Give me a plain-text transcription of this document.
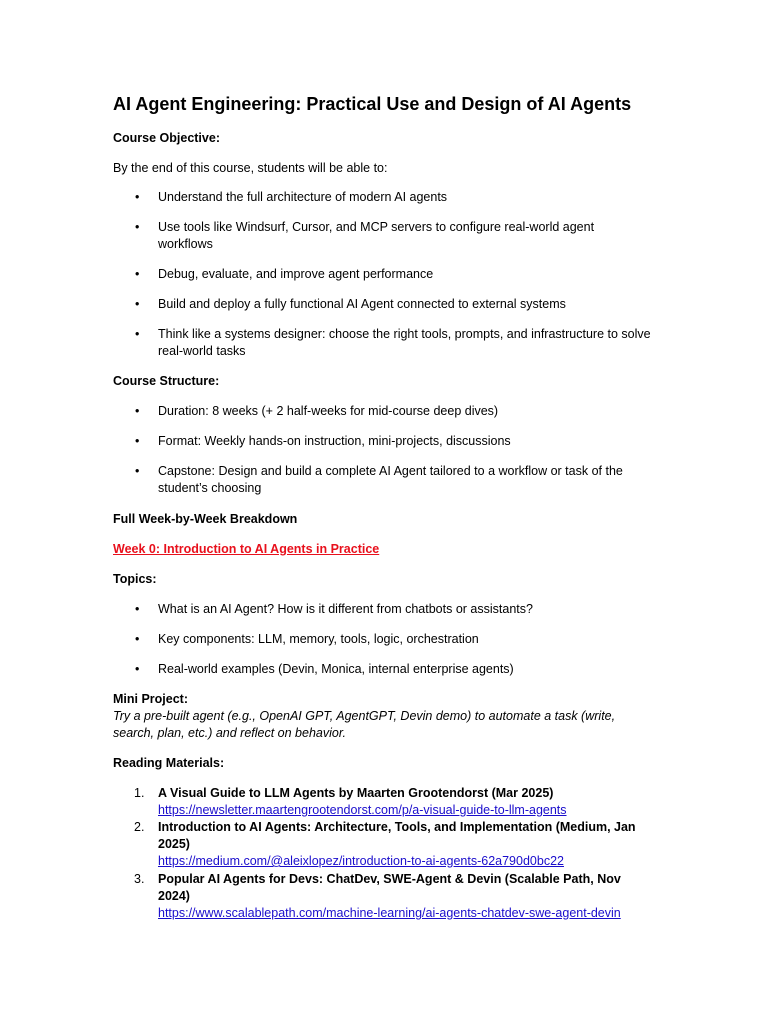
AI Agent Engineering: Practical Use and Design of AI Agents

Course Objective:

By the end of this course, students will be able to:

• Understand the full architecture of modern AI agents
• Use tools like Windsurf, Cursor, and MCP servers to configure real-world agent workflows
• Debug, evaluate, and improve agent performance
• Build and deploy a fully functional AI Agent connected to external systems
• Think like a systems designer: choose the right tools, prompts, and infrastructure to solve real-world tasks

Course Structure:

• Duration: 8 weeks (+ 2 half-weeks for mid-course deep dives)
• Format: Weekly hands-on instruction, mini-projects, discussions
• Capstone: Design and build a complete AI Agent tailored to a workflow or task of the student’s choosing

Full Week-by-Week Breakdown

Week 0: Introduction to AI Agents in Practice

Topics:

• What is an AI Agent? How is it different from chatbots or assistants?
• Key components: LLM, memory, tools, logic, orchestration
• Real-world examples (Devin, Monica, internal enterprise agents)

Mini Project:

Try a pre-built agent (e.g., OpenAI GPT, AgentGPT, Devin demo) to automate a task (write, search, plan, etc.) and reflect on behavior.

Reading Materials:

1. A Visual Guide to LLM Agents by Maarten Grootendorst (Mar 2025)
https://newsletter.maartengrootendorst.com/p/a-visual-guide-to-llm-agents
2. Introduction to AI Agents: Architecture, Tools, and Implementation (Medium, Jan 2025)
https://medium.com/@aleixlopez/introduction-to-ai-agents-62a790d0bc22
3. Popular AI Agents for Devs: ChatDev, SWE-Agent & Devin (Scalable Path, Nov 2024)
https://www.scalablepath.com/machine-learning/ai-agents-chatdev-swe-agent-devin
